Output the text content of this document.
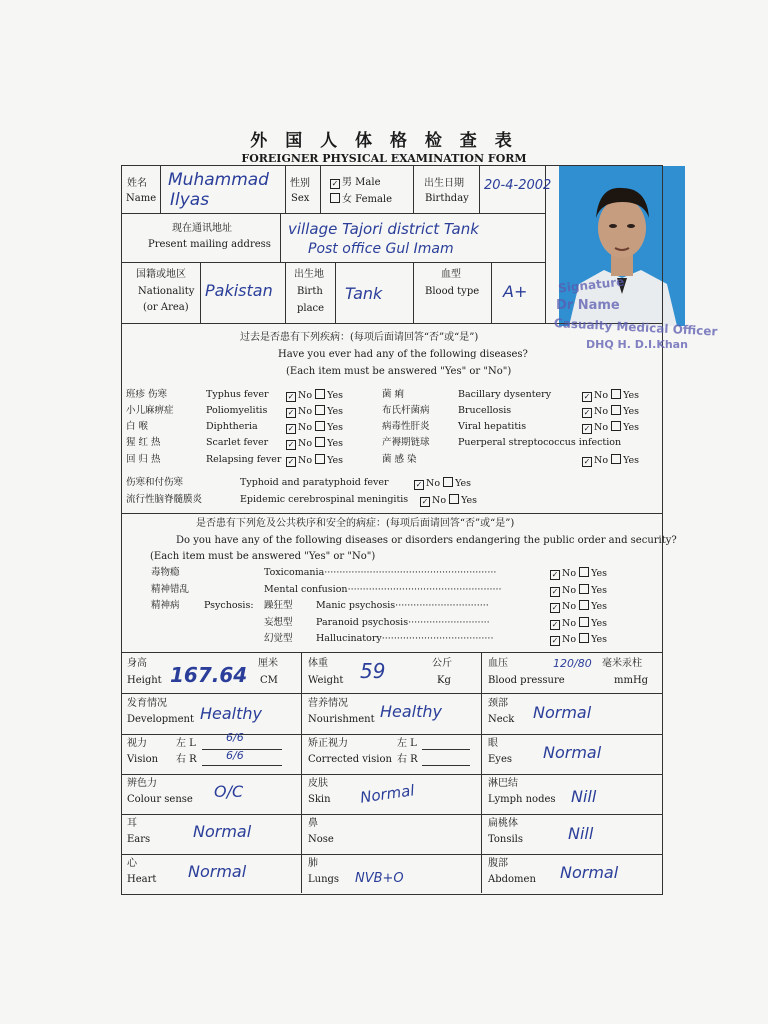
外 国 人 体 格 检 查 表
FOREIGNER PHYSICAL EXAMINATION FORM
姓名
Name
Muhammad
Ilyas
性别
Sex
✓ 男 Male
女 Female
出生日期
Birthday
20-4-2002
现在通讯地址
Present mailing address
village Tajori district Tank
Post office Gul Imam
国籍或地区
Nationality
(or Area)
Pakistan
出生地
Birth
place
Tank
血型
Blood type A+	Signature
Dr Name
Casualty Medical Officer
DHQ H. D.I.Khan
过去是否患有下列疾病：(每项后面请回答“否”或“是”)
Have you ever had any of the following diseases?
(Each item must be answered "Yes" or "No")
班疹 伤寒	Typhus fever ✓ No Yes
小儿麻痹症	Poliomyelitis	✓ No Yes
白 喉	Diphtheria	✓ No Yes
猩 红 热	Scarlet fever ✓ No Yes
回 归 热	Relapsing fever ✓ No Yes
菌 痢	Bacillary dysentery	✓ No Yes
布氏杆菌病	Brucellosis	✓ No Yes
病毒性肝炎	Viral hepatitis	✓ No Yes
产褥期链球	Puerperal streptococcus infection
菌 感 染	✓ No Yes
伤寒和付伤寒	Typhoid and paratyphoid fever	✓ No Yes
流行性脑脊髓膜炎	Epidemic cerebrospinal meningitis ✓ No Yes
是否患有下列危及公共秩序和安全的病症：(每项后面请回答“否”或“是”)
Do you have any of the following diseases or disorders endangering the public order and security?
(Each item must be answered "Yes" or "No")
毒物瘾	Toxicomania·························································	✓ No Yes
精神错乱	Mental confusion···················································	✓ No Yes
精神病	Psychosis: 躁狂型 Manic psychosis·······························	✓ No Yes
妄想型 Paranoid psychosis···························	✓ No Yes
幻觉型 Hallucinatory·····································	✓ No Yes
身高
Height 167.64 厘米
CM
体重
Weight 59	公斤
Kg
血压
Blood pressure
120/80 毫米汞柱
mmHg
发育情况
Development Healthy
营养情况
Nourishment Healthy	颈部
Neck Normal
视力
Vision
左 L	6/6
右 R	6/6
矫正视力
Corrected vision
左 L
右 R
眼
Eyes Normal
辨色力
Colour sense O/C	皮肤
Skin Normal	淋巴结
Lymph nodes Nill
耳
Ears	Normal	鼻
Nose
扁桃体
Tonsils	Nill
心
Heart Normal	肺
Lungs NVB+O
腹部
Abdomen Normal
